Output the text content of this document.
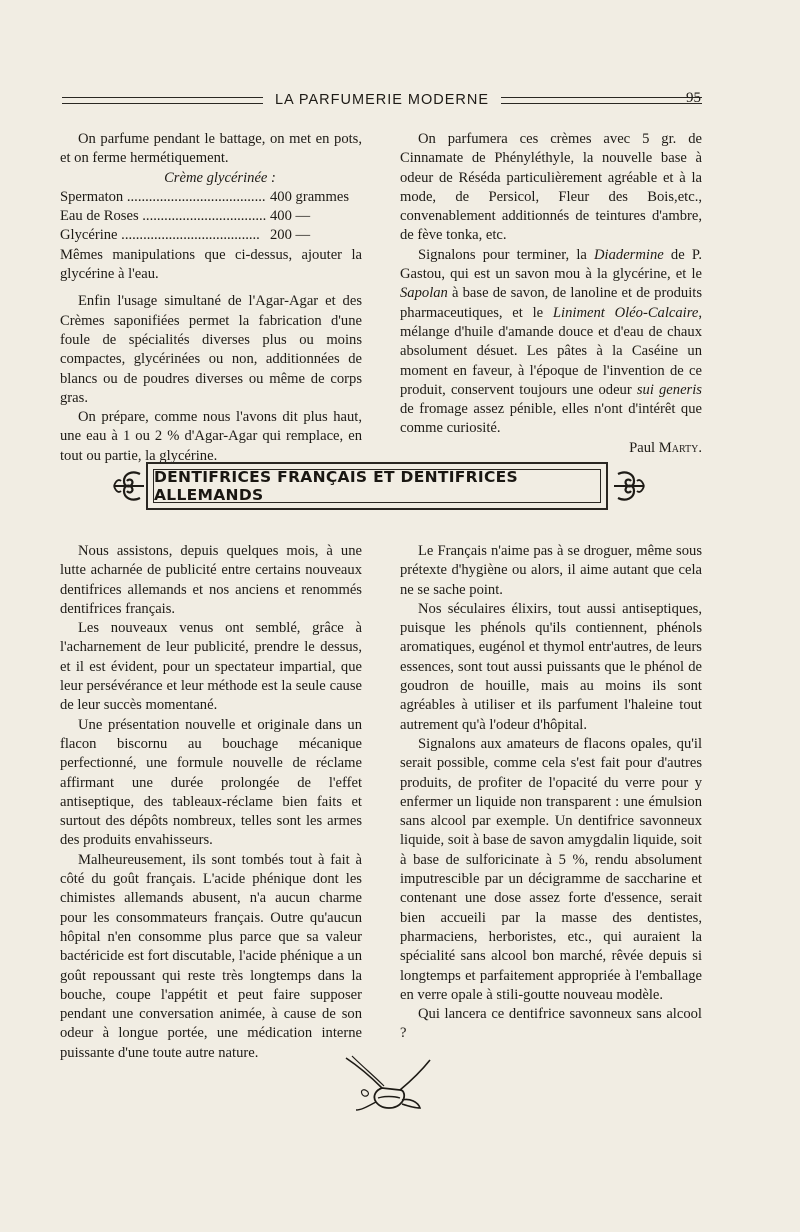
LA PARFUMERIE MODERNE	95

On parfume pendant le battage, on met en pots, et on ferme hermétiquement.

Crème glycérinée :

Spermaton ...................................... 400 grammes
Eau de Roses .................................. 400 —
Glycérine ...................................... 200 —

Mêmes manipulations que ci-dessus, ajouter la glycérine à l'eau.

Enfin l'usage simultané de l'Agar-Agar et des Crèmes saponifiées permet la fabrication d'une foule de spécialités diverses plus ou moins compactes, glycérinées ou non, additionnées de blancs ou de poudres diverses ou même de corps gras.

On prépare, comme nous l'avons dit plus haut, une eau à 1 ou 2 % d'Agar-Agar qui remplace, en tout ou partie, la glycérine.

On parfumera ces crèmes avec 5 gr. de Cinnamate de Phényléthyle, la nouvelle base à odeur de Réséda particulièrement agréable et à la mode, de Persicol, Fleur des Bois,etc., convenablement additionnés de teintures d'ambre, de fève tonka, etc.

Signalons pour terminer, la Diadermine de P. Gastou, qui est un savon mou à la glycérine, et le Sapolan à base de savon, de lanoline et de produits pharmaceutiques, et le Liniment Oléo-Calcaire, mélange d'huile d'amande douce et d'eau de chaux absolument désuet. Les pâtes à la Caséine un moment en faveur, à l'époque de l'invention de ce produit, conservent toujours une odeur sui generis de fromage assez pénible, elles n'ont d'intérêt que comme curiosité.

Paul Marty.

DENTIFRICES FRANÇAIS ET DENTIFRICES ALLEMANDS

Nous assistons, depuis quelques mois, à une lutte acharnée de publicité entre certains nouveaux dentifrices allemands et nos anciens et renommés dentifrices français.

Les nouveaux venus ont semblé, grâce à l'acharnement de leur publicité, prendre le dessus, et il est évident, pour un spectateur impartial, que leur persévérance et leur méthode est la seule cause de leur succès momentané.

Une présentation nouvelle et originale dans un flacon biscornu au bouchage mécanique perfectionné, une formule nouvelle de réclame affirmant une durée prolongée de l'effet antiseptique, des tableaux-réclame bien faits et surtout des dépôts nombreux, telles sont les armes des produits envahisseurs.

Malheureusement, ils sont tombés tout à fait à côté du goût français. L'acide phénique dont les chimistes allemands abusent, n'a aucun charme pour les consommateurs français. Outre qu'aucun hôpital n'en consomme plus parce que sa valeur bactéricide est fort discutable, l'acide phénique a un goût repoussant qui reste très longtemps dans la bouche, coupe l'appétit et peut faire supposer pendant une conversation animée, à cause de son odeur à longue portée, une médication interne puissante d'une toute autre nature.

Le Français n'aime pas à se droguer, même sous prétexte d'hygiène ou alors, il aime autant que cela ne se sache point.

Nos séculaires élixirs, tout aussi antiseptiques, puisque les phénols qu'ils contiennent, phénols aromatiques, eugénol et thymol entr'autres, de leurs essences, sont tout aussi puissants que le phénol de goudron de houille, mais au moins ils sont agréables à utiliser et ils parfument l'haleine tout autrement qu'à l'odeur d'hôpital.

Signalons aux amateurs de flacons opales, qu'il serait possible, comme cela s'est fait pour d'autres produits, de profiter de l'opacité du verre pour y enfermer un liquide non transparent : une émulsion sans alcool par exemple. Un dentifrice savonneux liquide, soit à base de savon amygdalin liquide, soit à base de sulforicinate à 5 %, rendu absolument imputrescible par un décigramme de saccharine et contenant une dose assez forte d'essence, serait bien accueili par la masse des dentistes, pharmaciens, herboristes, etc., qui auraient la spécialité sans alcool bon marché, rêvée depuis si longtemps et parfaitement appropriée à l'emballage en verre opale à stili-goutte nouveau modèle.

Qui lancera ce dentifrice savonneux sans alcool ?
